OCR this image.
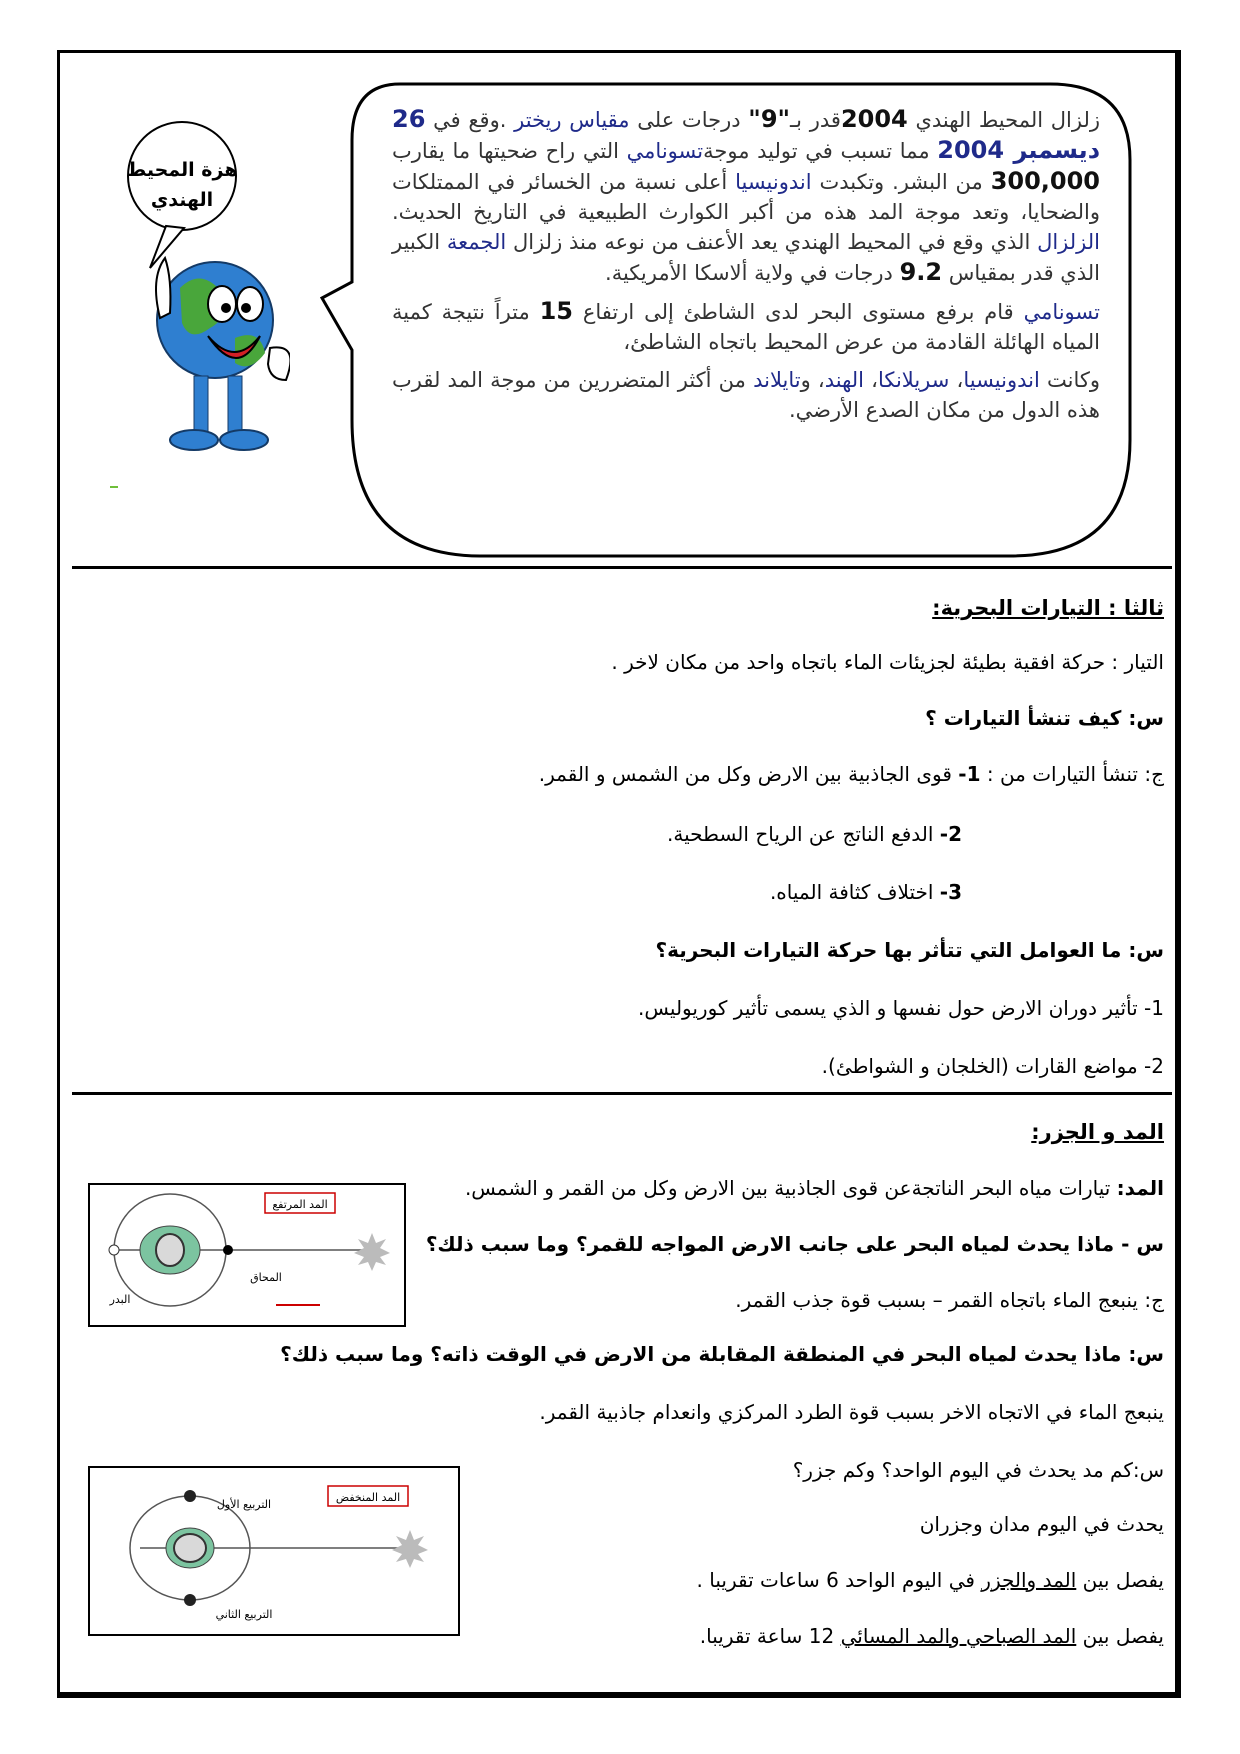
هزة المحيط
الهندي

زلزال المحيط الهندي 2004قدر بـ"9" درجات على مقياس ريختر .وقع في 26 ديسمبر 2004 مما تسبب في توليد موجةتسونامي التي راح ضحيتها ما يقارب 300,000 من البشر. وتكبدت اندونيسيا أعلى نسبة من الخسائر في الممتلكات والضحايا، وتعد موجة المد هذه من أكبر الكوارث الطبيعية في التاريخ الحديث. الزلزال الذي وقع في المحيط الهندي يعد الأعنف من نوعه منذ زلزال الجمعة الكبير الذي قدر بمقياس 9.2 درجات في ولاية ألاسكا الأمريكية.

تسونامي قام برفع مستوى البحر لدى الشاطئ إلى ارتفاع 15 متراً نتيجة كمية المياه الهائلة القادمة من عرض المحيط باتجاه الشاطئ،

وكانت اندونيسيا، سريلانكا، الهند، وتايلاند من أكثر المتضررين من موجة المد لقرب هذه الدول من مكان الصدع الأرضي.

ثالثا : التيارات البحرية:
التيار : حركة افقية بطيئة لجزيئات الماء باتجاه واحد من مكان لاخر .
س: كيف تنشأ التيارات ؟
ج: تنشأ التيارات من : 1- قوى الجاذبية بين الارض وكل من الشمس و القمر.
2- الدفع الناتج عن الرياح السطحية.
3- اختلاف كثافة المياه.
س: ما العوامل التي تتأثر بها حركة التيارات البحرية؟
1- تأثير دوران الارض حول نفسها و الذي يسمى تأثير كوريوليس.
2- مواضع القارات (الخلجان و الشواطئ).
المد و الجزر:
المد: تيارات مياه البحر الناتجةعن قوى الجاذبية بين الارض وكل من القمر و الشمس.
س - ماذا يحدث لمياه البحر على جانب الارض المواجه للقمر؟ وما سبب ذلك؟
ج: ينبعج الماء باتجاه القمر – بسبب قوة جذب القمر.
س: ماذا يحدث لمياه البحر في المنطقة المقابلة من الارض في الوقت ذاته؟ وما سبب ذلك؟
ينبعج الماء في الاتجاه الاخر بسبب قوة الطرد المركزي وانعدام جاذبية القمر.
س:كم مد يحدث في اليوم الواحد؟ وكم جزر؟
يحدث في اليوم مدان وجزران
يفصل بين المد والجزر في اليوم الواحد 6 ساعات تقريبا .
يفصل بين المد الصباحي والمد المسائي 12 ساعة تقريبا.
المد المرتفع
المحاق
البدر
المد المنخفض
التربيع الأول
التربيع الثاني
